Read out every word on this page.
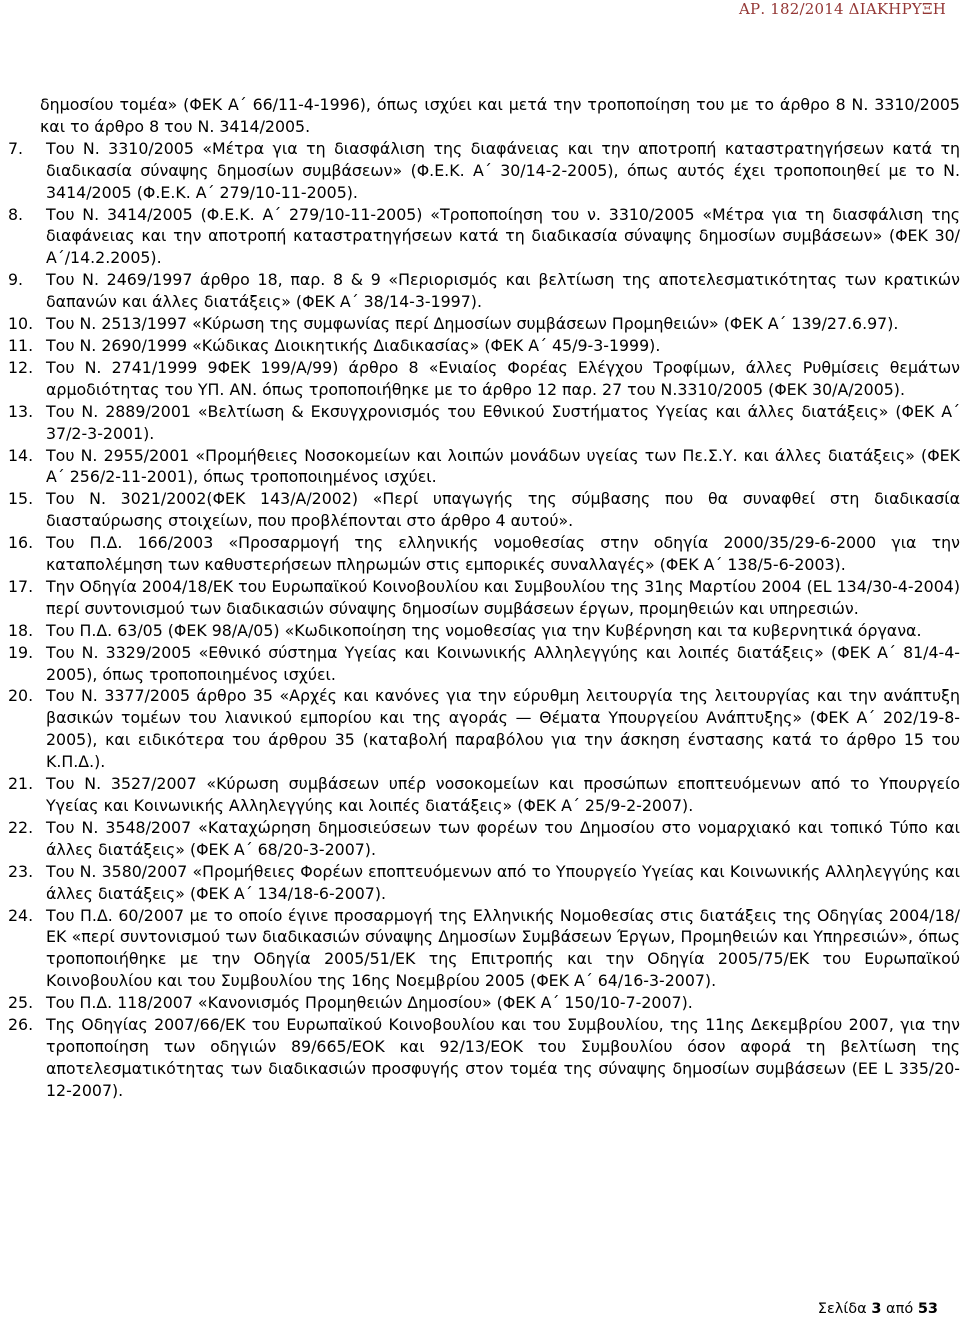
ΑΡ. 182/2014 ΔΙΑΚΗΡΥΞΗ

δημοσίου τομέα» (ΦΕΚ Α΄ 66/11-4-1996), όπως ισχύει και μετά την τροποποίηση του με το άρθρο 8 Ν. 3310/2005 και το άρθρο 8 του Ν. 3414/2005.

7.	Του Ν. 3310/2005 «Μέτρα για τη διασφάλιση της διαφάνειας και την αποτροπή καταστρατηγήσεων κατά τη διαδικασία σύναψης δημοσίων συμβάσεων» (Φ.Ε.Κ. Α΄ 30/14-2-2005), όπως αυτός έχει τροποποιηθεί με το Ν. 3414/2005 (Φ.Ε.Κ. Α΄ 279/10-11-2005).
8.	Του Ν. 3414/2005 (Φ.Ε.Κ. Α΄ 279/10-11-2005) «Τροποποίηση του ν. 3310/2005 «Μέτρα για τη διασφάλιση της διαφάνειας και την αποτροπή καταστρατηγήσεων κατά τη διαδικασία σύναψης δημοσίων συμβάσεων» (ΦΕΚ 30/Α΄/14.2.2005).
9.	Του Ν. 2469/1997 άρθρο 18, παρ. 8 & 9 «Περιορισμός και βελτίωση της αποτελεσματικότητας των κρατικών δαπανών και άλλες διατάξεις» (ΦΕΚ Α΄ 38/14-3-1997).
10. Του Ν. 2513/1997 «Κύρωση της συμφωνίας περί Δημοσίων συμβάσεων Προμηθειών» (ΦΕΚ Α΄ 139/27.6.97).
11. Του Ν. 2690/1999 «Κώδικας Διοικητικής Διαδικασίας» (ΦΕΚ Α΄ 45/9-3-1999).
12. Του Ν. 2741/1999 9ΦΕΚ 199/Α/99) άρθρο 8 «Ενιαίος Φορέας Ελέγχου Τροφίμων, άλλες Ρυθμίσεις θεμάτων αρμοδιότητας του ΥΠ. ΑΝ. όπως τροποποιήθηκε με το άρθρο 12 παρ. 27 του Ν.3310/2005 (ΦΕΚ 30/Α/2005).
13. Του Ν. 2889/2001 «Βελτίωση & Εκσυγχρονισμός του Εθνικού Συστήματος Υγείας και άλλες διατάξεις» (ΦΕΚ Α΄ 37/2-3-2001).
14. Του Ν. 2955/2001 «Προμήθειες Νοσοκομείων και λοιπών μονάδων υγείας των Πε.Σ.Υ. και άλλες διατάξεις» (ΦΕΚ Α΄ 256/2-11-2001), όπως τροποποιημένος ισχύει.
15. Του Ν. 3021/2002(ΦΕΚ 143/Α/2002) «Περί υπαγωγής της σύμβασης που θα συναφθεί στη διαδικασία διασταύρωσης στοιχείων, που προβλέπονται στο άρθρο 4 αυτού».
16. Του Π.Δ. 166/2003 «Προσαρμογή της ελληνικής νομοθεσίας στην οδηγία 2000/35/29-6-2000 για την καταπολέμηση των καθυστερήσεων πληρωμών στις εμπορικές συναλλαγές» (ΦΕΚ Α΄ 138/5-6-2003).
17. Την Οδηγία 2004/18/ΕΚ του Ευρωπαϊκού Κοινοβουλίου και Συμβουλίου της 31ης Μαρτίου 2004 (EL 134/30-4-2004) περί συντονισμού των διαδικασιών σύναψης δημοσίων συμβάσεων έργων, προμηθειών και υπηρεσιών.
18. Του Π.Δ. 63/05 (ΦΕΚ 98/Α/05) «Κωδικοποίηση της νομοθεσίας για την Κυβέρνηση και τα κυβερνητικά όργανα.
19. Του Ν. 3329/2005 «Εθνικό σύστημα Υγείας και Κοινωνικής Αλληλεγγύης και λοιπές διατάξεις» (ΦΕΚ Α΄ 81/4-4-2005), όπως τροποποιημένος ισχύει.
20. Του Ν. 3377/2005 άρθρο 35 «Αρχές και κανόνες για την εύρυθμη λειτουργία της λειτουργίας και την ανάπτυξη βασικών τομέων του λιανικού εμπορίου και της αγοράς — Θέματα Υπουργείου Ανάπτυξης» (ΦΕΚ Α΄ 202/19-8-2005), και ειδικότερα του άρθρου 35 (καταβολή παραβόλου για την άσκηση ένστασης κατά το άρθρο 15 του Κ.Π.Δ.).
21. Του Ν. 3527/2007 «Κύρωση συμβάσεων υπέρ νοσοκομείων και προσώπων εποπτευόμενων από το Υπουργείο Υγείας και Κοινωνικής Αλληλεγγύης και λοιπές διατάξεις» (ΦΕΚ Α΄ 25/9-2-2007).
22. Του Ν. 3548/2007 «Καταχώρηση δημοσιεύσεων των φορέων του Δημοσίου στο νομαρχιακό και τοπικό Τύπο και άλλες διατάξεις» (ΦΕΚ Α΄ 68/20-3-2007).
23. Του Ν. 3580/2007 «Προμήθειες Φορέων εποπτευόμενων από το Υπουργείο Υγείας και Κοινωνικής Αλληλεγγύης και άλλες διατάξεις» (ΦΕΚ Α΄ 134/18-6-2007).
24. Του Π.Δ. 60/2007 με το οποίο έγινε προσαρμογή της Ελληνικής Νομοθεσίας στις διατάξεις της Οδηγίας 2004/18/ΕΚ «περί συντονισμού των διαδικασιών σύναψης Δημοσίων Συμβάσεων Έργων, Προμηθειών και Υπηρεσιών», όπως τροποποιήθηκε με την Οδηγία 2005/51/ΕΚ της Επιτροπής και την Οδηγία 2005/75/ΕΚ του Ευρωπαϊκού Κοινοβουλίου και του Συμβουλίου της 16ης Νοεμβρίου 2005 (ΦΕΚ Α΄ 64/16-3-2007).
25. Του Π.Δ. 118/2007 «Κανονισμός Προμηθειών Δημοσίου» (ΦΕΚ Α΄ 150/10-7-2007).
26. Της Οδηγίας 2007/66/ΕΚ του Ευρωπαϊκού Κοινοβουλίου και του Συμβουλίου, της 11ης Δεκεμβρίου 2007, για την τροποποίηση των οδηγιών 89/665/ΕΟΚ και 92/13/ΕΟΚ του Συμβουλίου όσον αφορά τη βελτίωση της αποτελεσματικότητας των διαδικασιών προσφυγής στον τομέα της σύναψης δημοσίων συμβάσεων (EE L 335/20-12-2007).
Σελίδα 3 από 53
